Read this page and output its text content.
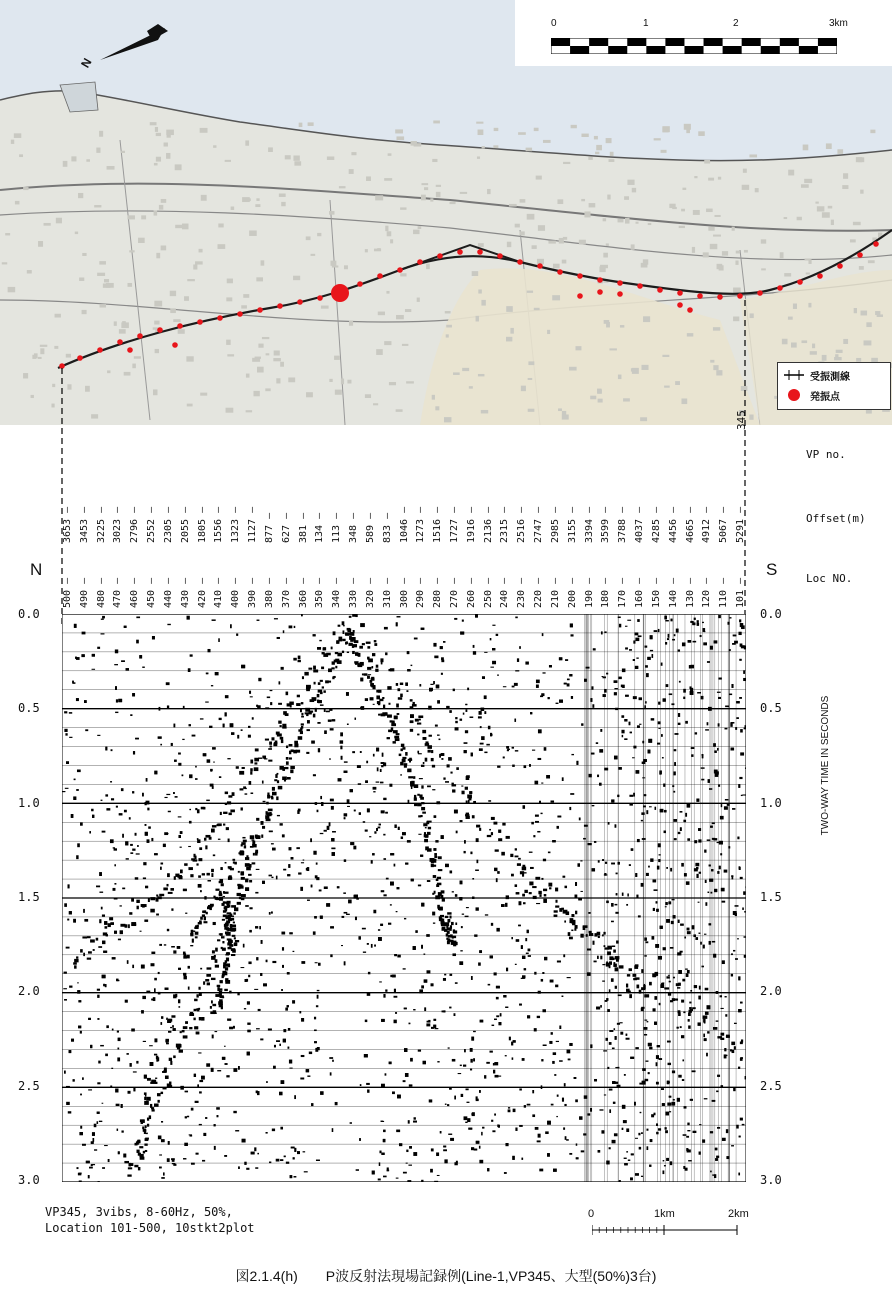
N
0	1	2	3km
受振測線
発振点
VP no.
Offset(m)
Loc NO.
345
3653 — 3453 — 3225 — 3023 — 2796 — 2552 — 2305 — 2055 — 1805 — 1556 — 1323 — 1127 — 877 — 627 — 381 — 134 — 113 — 348 — 589 — 833 — 1046 — 1273 — 1516 — 1727 — 1916 — 2136 — 2315 — 2516 — 2747 — 2985 — 3155 — 3394 — 3599 — 3788 — 4037 — 4285 — 4456 — 4665 — 4912 — 5067 — 5291 —
500 — 490 — 480 — 470 — 460 — 450 — 440 — 430 — 420 — 410 — 400 — 390 — 380 — 370 — 360 — 350 — 340 — 330 — 320 — 310 — 300 — 290 — 280 — 270 — 260 — 250 — 240 — 230 — 220 — 210 — 200 — 190 — 180 — 170 — 160 — 150 — 140 — 130 — 120 — 110 — 101 —
N	S
0.0
0.5
1.0
1.5
2.0
2.5
3.0
0.0
0.5
1.0
1.5
2.0
2.5
3.0
TWO-WAY TIME IN SECONDS
VP345, 3vibs, 8-60Hz, 50%,
Location 101-500, 10stkt2plot
0	1km	2km
図2.1.4(h)　　P波反射法現場記録例(Line-1,VP345、大型(50%)3台)
